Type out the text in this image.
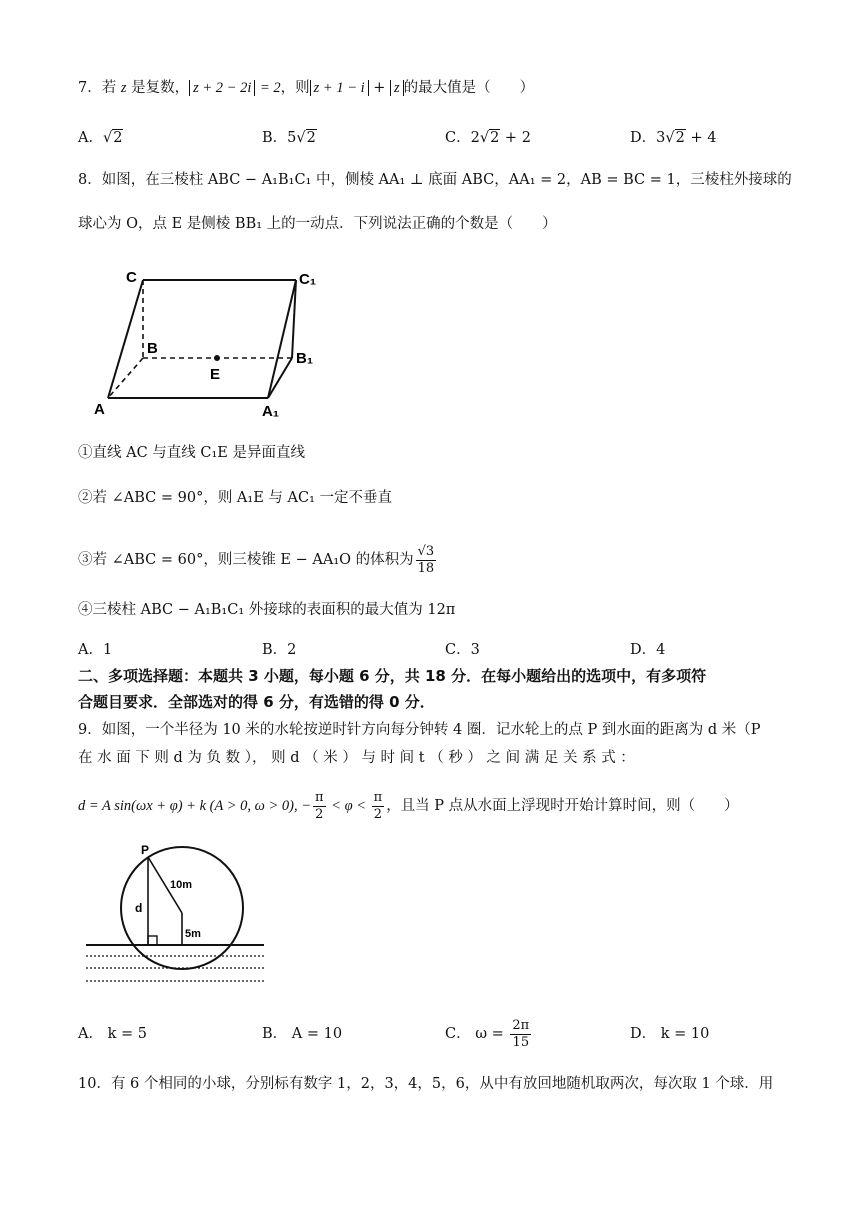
7．若 z 是复数， z + 2 − 2i = 2，则 z + 1 − i + z 的最大值是（　　）
A．√2	B．5√2	C．2√2 + 2	D．3√2 + 4
8．如图，在三棱柱 ABC − A₁B₁C₁ 中，侧棱 AA₁ ⊥ 底面 ABC，AA₁ = 2，AB = BC = 1，三棱柱外接球的
球心为 O，点 E 是侧棱 BB₁ 上的一动点．下列说法正确的个数是（　　）
C	C₁
B
B₁
E
A	A₁
①直线 AC 与直线 C₁E 是异面直线
②若 ∠ABC = 90°，则 A₁E 与 AC₁ 一定不垂直
③若 ∠ABC = 60°，则三棱锥 E − AA₁O 的体积为 $\frac{√3}{18}$
④三棱柱 ABC − A₁B₁C₁ 外接球的表面积的最大值为 12π
A．1	B．2	C．3	D．4
二、多项选择题：本题共 3 小题，每小题 6 分，共 18 分．在每小题给出的选项中，有多项符
合题目要求．全部选对的得 6 分，有选错的得 0 分．
9．如图，一个半径为 10 米的水轮按逆时针方向每分钟转 4 圈．记水轮上的点 P 到水面的距离为 d 米（P
在 水 面 下 则 d 为 负 数 ）， 则 d （ 米 ） 与 时 间 t （ 秒 ） 之 间 满 足 关 系 式 ：
d = A sin(ωx + φ) + k (A > 0, ω > 0), − $\frac{\pi}{2} < \varphi < \frac{\pi}{2}$ ，且当 P 点从水面上浮现时开始计算时间，则（　　）
P
10m
d
5m
A． k = 5	B． A = 10	C． $\omega = \frac{2\pi}{15}$	D． k = 10
10．有 6 个相同的小球，分别标有数字 1，2，3，4，5，6，从中有放回地随机取两次，每次取 1 个球．用
